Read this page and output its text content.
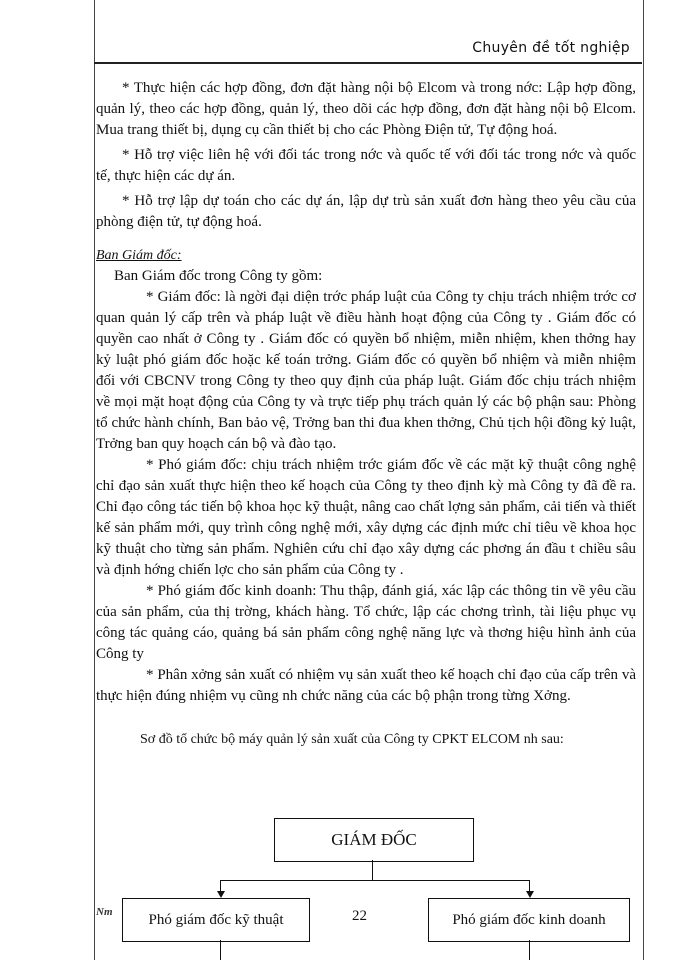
Chuyên đề tốt nghiệp

* Thực hiện các hợp đồng, đơn đặt hàng nội bộ Elcom và trong nớc: Lập hợp đồng, quản lý, theo các hợp đồng, quản lý, theo dõi các hợp đồng, đơn đặt hàng nội bộ Elcom. Mua trang thiết bị, dụng cụ cần thiết bị cho các Phòng Điện tử, Tự động hoá.

* Hỗ trợ việc liên hệ với đối tác trong nớc và quốc tế với đối tác trong nớc và quốc tế, thực hiện các dự án.

* Hỗ trợ lập dự toán cho các dự án, lập dự trù sản xuất đơn hàng theo yêu cầu của phòng điện tử, tự động hoá.

Ban Giám đốc:

Ban Giám đốc trong Công ty gồm:

* Giám đốc: là ngời đại diện trớc pháp luật của Công ty chịu trách nhiệm trớc cơ quan quản lý cấp trên và pháp luật về điều hành hoạt động của Công ty . Giám đốc có quyền cao nhất ở Công ty . Giám đốc có quyền bổ nhiệm, miễn nhiệm, khen thởng hay kỷ luật phó giám đốc hoặc kế toán trởng. Giám đốc có quyền bổ nhiệm và miễn nhiệm đối với CBCNV trong Công ty theo quy định của pháp luật. Giám đốc chịu trách nhiệm về mọi mặt hoạt động của Công ty và trực tiếp phụ trách quản lý các bộ phận sau: Phòng tổ chức hành chính, Ban bảo vệ, Trởng ban thi đua khen thởng, Chủ tịch hội đồng kỷ luật, Trởng ban quy hoạch cán bộ và đào tạo.

* Phó giám đốc: chịu trách nhiệm trớc giám đốc về các mặt kỹ thuật công nghệ chỉ đạo sản xuất thực hiện theo kế hoạch của Công ty theo định kỳ mà Công ty đã đề ra. Chỉ đạo công tác tiến bộ khoa học kỹ thuật, nâng cao chất lợng sản phẩm, cải tiến và thiết kế sản phẩm mới, quy trình công nghệ mới, xây dựng các định mức chỉ tiêu về khoa học kỹ thuật cho từng sản phẩm. Nghiên cứu chỉ đạo xây dựng các phơng án đầu t chiều sâu và định hớng chiến lợc cho sản phẩm của Công ty .

* Phó giám đốc kinh doanh: Thu thập, đánh giá, xác lập các thông tin về yêu cầu của sản phẩm, của thị trờng, khách hàng. Tổ chức, lập các chơng trình, tài liệu phục vụ công tác quảng cáo, quảng bá sản phẩm công nghệ năng lực và thơng hiệu hình ảnh của Công ty

* Phân xởng sản xuất có nhiệm vụ sản xuất theo kế hoạch chỉ đạo của cấp trên và thực hiện đúng nhiệm vụ cũng nh chức năng của các bộ phận trong từng Xởng.

Sơ đồ tổ chức bộ máy quản lý sản xuất của Công ty CPKT ELCOM nh sau:

GIÁM ĐỐC
Phó giám đốc kỹ thuật	Phó giám đốc kinh doanh
Nm	22
